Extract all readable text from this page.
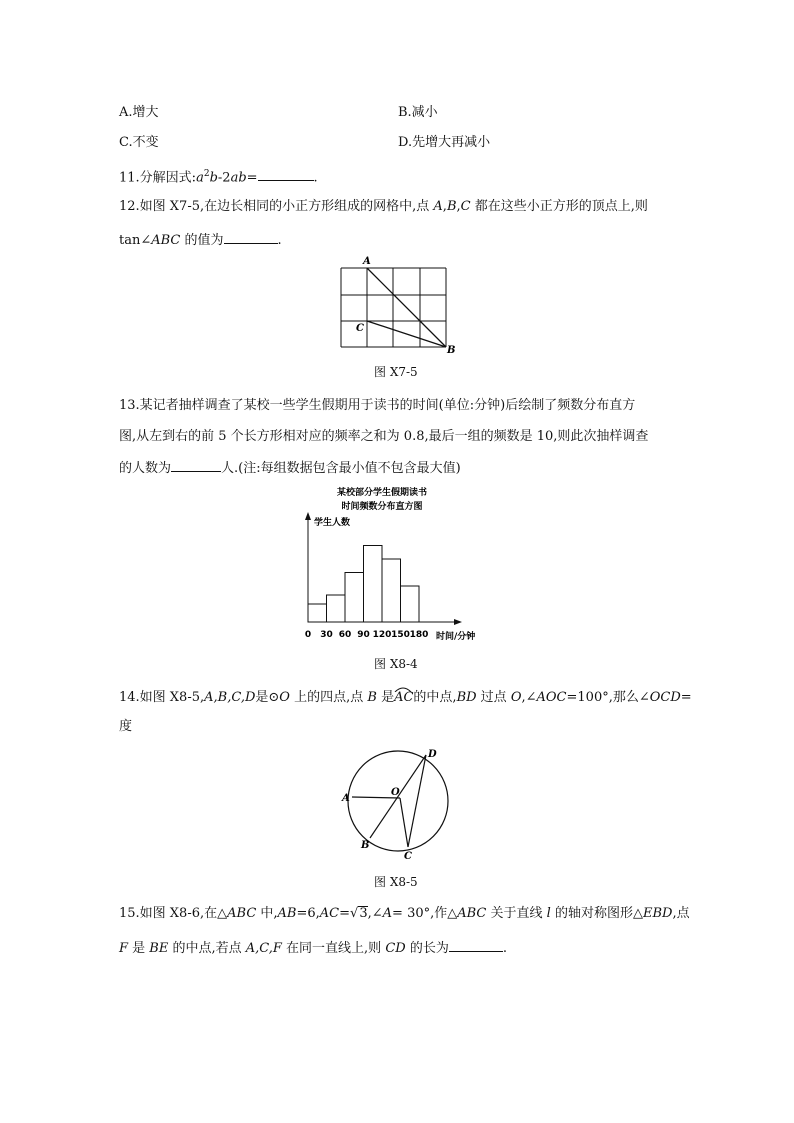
A.增大	B.减小
C.不变	D.先增大再减小
11.分解因式$:a^2b-2ab=$	.
12.如图 X7-5,在边长相同的小正方形组成的网格中,点 A,B,C 都在这些小正方形的顶点上,则
tan∠ABC 的值为	.
A
B
C
图 X7-5
13.某记者抽样调查了某校一些学生假期用于读书的时间(单位:分钟)后绘制了频数分布直方
图,从左到右的前 5 个长方形相对应的频率之和为 0.8,最后一组的频数是 10,则此次抽样调查
的人数为	人.(注:每组数据包含最小值不包含最大值)
某校部分学生假期读书
时间频数分布直方图
学生人数
时间/分钟
0 30 60 90 120 150 180
图 X8-4
14.如图 X8-5,A,B,C,D是⊙O 上的四点,点 B 是
AC的中点,BD 过点 O,∠AOC=100°,那么∠OCD=
度
A
B
C
D
O
图 X8-5
15.如图 X8-6,在△ABC 中,AB=6,AC=√3,∠A= 30°,作△ABC 关于直线 l 的轴对称图形△EBD,点
F 是 BE 的中点,若点 A,C,F 在同一直线上,则 CD 的长为	.
